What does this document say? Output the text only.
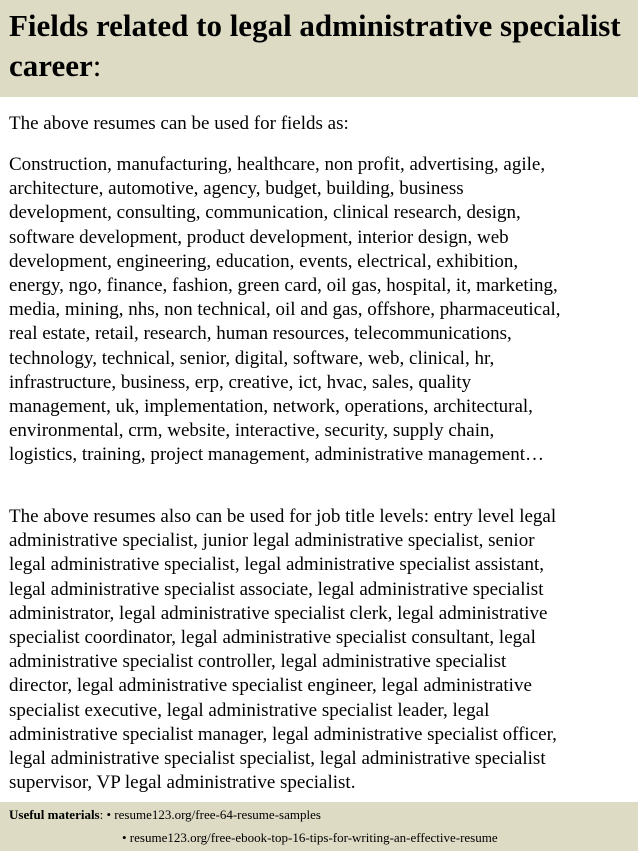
Fields related to legal administrative specialist career:

The above resumes can be used for fields as:

Construction, manufacturing, healthcare, non profit, advertising, agile,
architecture, automotive, agency, budget, building, business
development, consulting, communication, clinical research, design,
software development, product development, interior design, web
development, engineering, education, events, electrical, exhibition,
energy, ngo, finance, fashion, green card, oil gas, hospital, it, marketing,
media, mining, nhs, non technical, oil and gas, offshore, pharmaceutical,
real estate, retail, research, human resources, telecommunications,
technology, technical, senior, digital, software, web, clinical, hr,
infrastructure, business, erp, creative, ict, hvac, sales, quality
management, uk, implementation, network, operations, architectural,
environmental, crm, website, interactive, security, supply chain,
logistics, training, project management, administrative management…

The above resumes also can be used for job title levels: entry level legal
administrative specialist, junior legal administrative specialist, senior
legal administrative specialist, legal administrative specialist assistant,
legal administrative specialist associate, legal administrative specialist
administrator, legal administrative specialist clerk, legal administrative
specialist coordinator, legal administrative specialist consultant, legal
administrative specialist controller, legal administrative specialist
director, legal administrative specialist engineer, legal administrative
specialist executive, legal administrative specialist leader, legal
administrative specialist manager, legal administrative specialist officer,
legal administrative specialist specialist, legal administrative specialist
supervisor, VP legal administrative specialist.

Useful materials: • resume123.org/free-64-resume-samples
• resume123.org/free-ebook-top-16-tips-for-writing-an-effective-resume
